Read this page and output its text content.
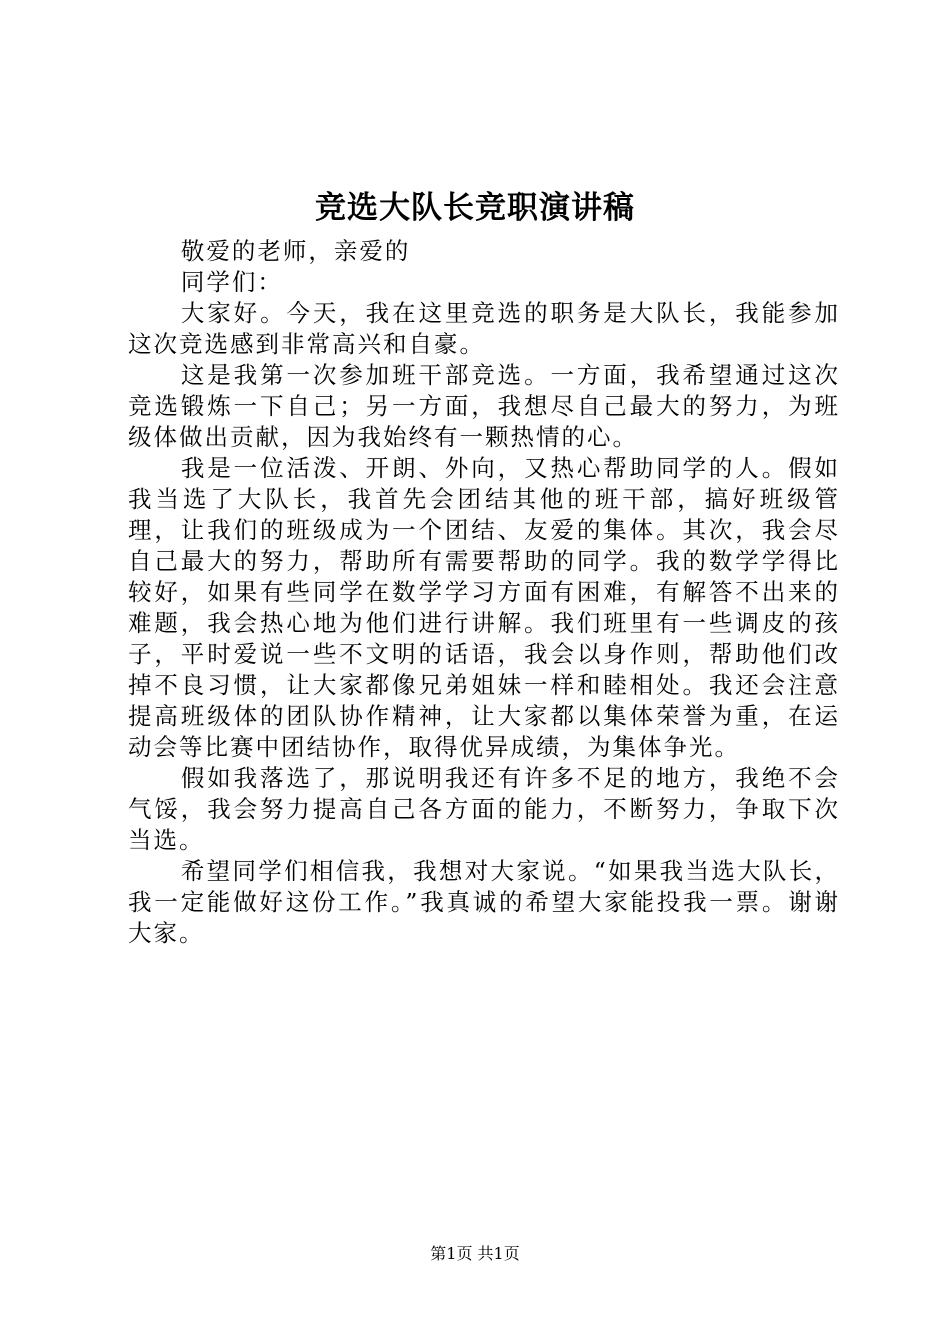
竞选大队长竞职演讲稿

敬爱的老师，亲爱的

同学们：

大家好。今天，我在这里竞选的职务是大队长，我能参加这次竞选感到非常高兴和自豪。

这是我第一次参加班干部竞选。一方面，我希望通过这次竞选锻炼一下自己；另一方面，我想尽自己最大的努力，为班级体做出贡献，因为我始终有一颗热情的心。

我是一位活泼、开朗、外向，又热心帮助同学的人。假如我当选了大队长，我首先会团结其他的班干部，搞好班级管理，让我们的班级成为一个团结、友爱的集体。其次，我会尽自己最大的努力，帮助所有需要帮助的同学。我的数学学得比较好，如果有些同学在数学学习方面有困难，有解答不出来的难题，我会热心地为他们进行讲解。我们班里有一些调皮的孩子，平时爱说一些不文明的话语，我会以身作则，帮助他们改掉不良习惯，让大家都像兄弟姐妹一样和睦相处。我还会注意提高班级体的团队协作精神，让大家都以集体荣誉为重，在运动会等比赛中团结协作，取得优异成绩，为集体争光。

假如我落选了，那说明我还有许多不足的地方，我绝不会气馁，我会努力提高自己各方面的能力，不断努力，争取下次当选。

希望同学们相信我，我想对大家说。“如果我当选大队长，我一定能做好这份工作。”我真诚的希望大家能投我一票。谢谢大家。

第1页 共1页
